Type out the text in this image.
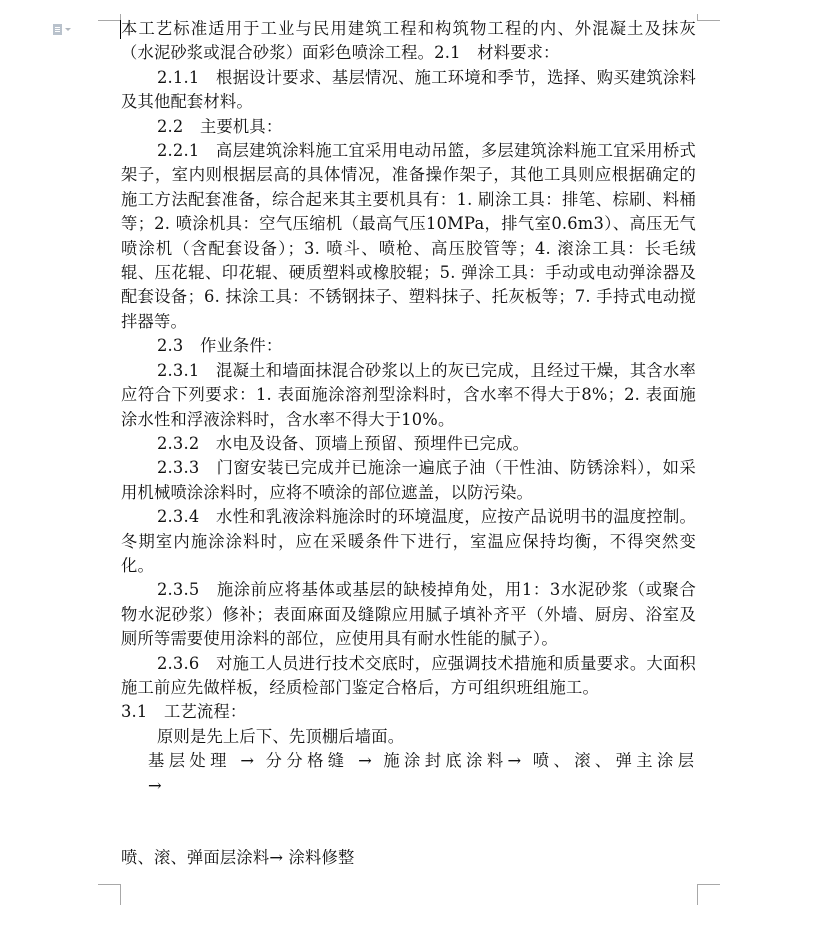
本工艺标准适用于工业与民用建筑工程和构筑物工程的内、外混凝土及抹灰（水泥砂浆或混合砂浆）面彩色喷涂工程。2.1　材料要求：

2.1.1　根据设计要求、基层情况、施工环境和季节，选择、购买建筑涂料及其他配套材料。

2.2　主要机具：

2.2.1　高层建筑涂料施工宜采用电动吊篮，多层建筑涂料施工宜采用桥式架子，室内则根据层高的具体情况，准备操作架子，其他工具则应根据确定的施工方法配套准备，综合起来其主要机具有：1. 刷涂工具：排笔、棕刷、料桶等；2. 喷涂机具：空气压缩机（最高气压10MPa，排气室0.6m3）、高压无气喷涂机（含配套设备）；3. 喷斗、喷枪、高压胶管等；4. 滚涂工具：长毛绒辊、压花辊、印花辊、硬质塑料或橡胶辊；5. 弹涂工具：手动或电动弹涂器及配套设备；6. 抹涂工具：不锈钢抹子、塑料抹子、托灰板等；7. 手持式电动搅拌器等。

2.3　作业条件：

2.3.1　混凝土和墙面抹混合砂浆以上的灰已完成，且经过干燥，其含水率应符合下列要求：1. 表面施涂溶剂型涂料时，含水率不得大于8%；2. 表面施涂水性和浮液涂料时，含水率不得大于10%。

2.3.2　水电及设备、顶墙上预留、预埋件已完成。

2.3.3　门窗安装已完成并已施涂一遍底子油（干性油、防锈涂料），如采用机械喷涂涂料时，应将不喷涂的部位遮盖，以防污染。

2.3.4　水性和乳液涂料施涂时的环境温度，应按产品说明书的温度控制。冬期室内施涂涂料时，应在采暖条件下进行，室温应保持均衡，不得突然变化。

2.3.5　施涂前应将基体或基层的缺棱掉角处，用1：3水泥砂浆（或聚合物水泥砂浆）修补；表面麻面及缝隙应用腻子填补齐平（外墙、厨房、浴室及厕所等需要使用涂料的部位，应使用具有耐水性能的腻子）。

2.3.6　对施工人员进行技术交底时，应强调技术措施和质量要求。大面积施工前应先做样板，经质检部门鉴定合格后，方可组织班组施工。

3.1　工艺流程：

原则是先上后下、先顶棚后墙面。

基层处理 → 分分格缝 → 施涂封底涂料→ 喷、滚、弹主涂层

→

喷、滚、弹面层涂料→ 涂料修整
